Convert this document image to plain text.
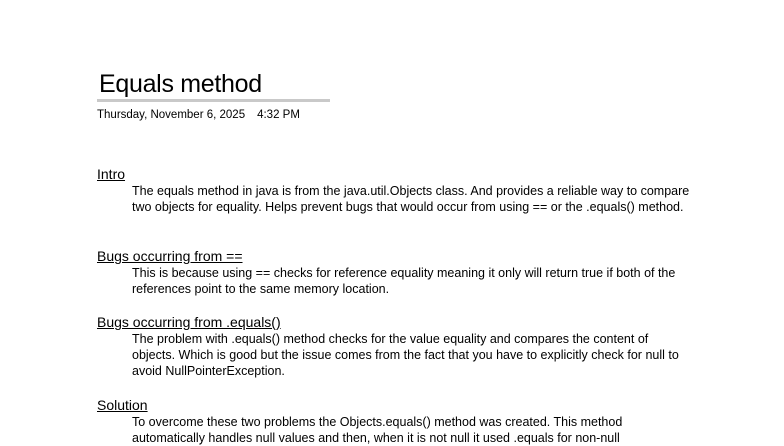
Equals method
Thursday, November 6, 2025 4:32 PM
Intro

The equals method in java is from the java.util.Objects class. And provides a reliable way to compare two objects for equality. Helps prevent bugs that would occur from using == or the .equals() method.

Bugs occurring from ==

This is because using == checks for reference equality meaning it only will return true if both of the references point to the same memory location.

Bugs occurring from .equals()

The problem with .equals() method checks for the value equality and compares the content of objects. Which is good but the issue comes from the fact that you have to explicitly check for null to avoid NullPointerException.

Solution

To overcome these two problems the Objects.equals() method was created. This method automatically handles null values and then, when it is not null it used .equals for non-null
